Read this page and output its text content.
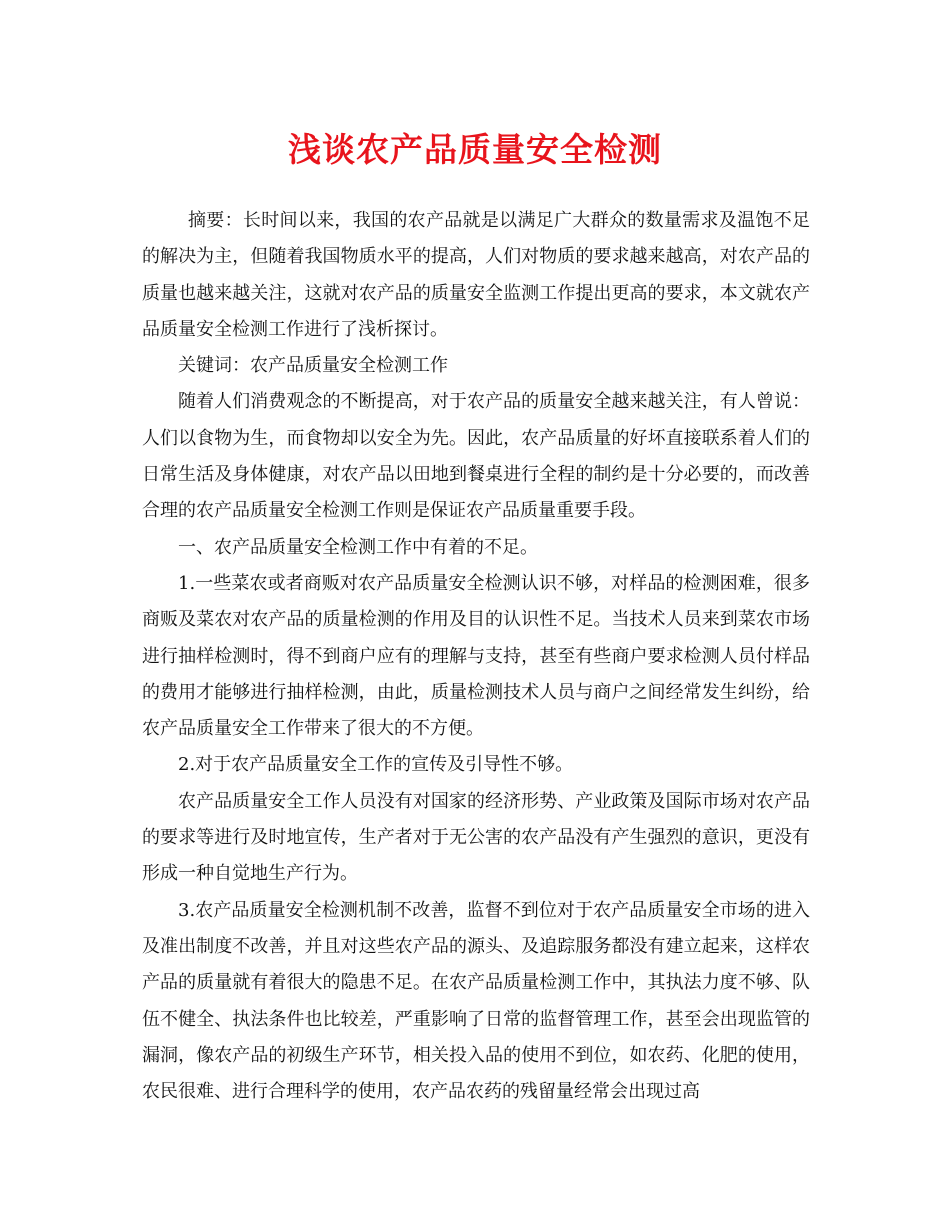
浅谈农产品质量安全检测

摘要：长时间以来，我国的农产品就是以满足广大群众的数量需求及温饱不足的解决为主，但随着我国物质水平的提高，人们对物质的要求越来越高，对农产品的质量也越来越关注，这就对农产品的质量安全监测工作提出更高的要求，本文就农产品质量安全检测工作进行了浅析探讨。

关键词：农产品质量安全检测工作

随着人们消费观念的不断提高，对于农产品的质量安全越来越关注，有人曾说：人们以食物为生，而食物却以安全为先。因此，农产品质量的好坏直接联系着人们的日常生活及身体健康，对农产品以田地到餐桌进行全程的制约是十分必要的，而改善合理的农产品质量安全检测工作则是保证农产品质量重要手段。

一、农产品质量安全检测工作中有着的不足。

1.一些菜农或者商贩对农产品质量安全检测认识不够，对样品的检测困难，很多商贩及菜农对农产品的质量检测的作用及目的认识性不足。当技术人员来到菜农市场进行抽样检测时，得不到商户应有的理解与支持，甚至有些商户要求检测人员付样品的费用才能够进行抽样检测，由此，质量检测技术人员与商户之间经常发生纠纷，给农产品质量安全工作带来了很大的不方便。

2.对于农产品质量安全工作的宣传及引导性不够。

农产品质量安全工作人员没有对国家的经济形势、产业政策及国际市场对农产品的要求等进行及时地宣传，生产者对于无公害的农产品没有产生强烈的意识，更没有形成一种自觉地生产行为。

3.农产品质量安全检测机制不改善，监督不到位对于农产品质量安全市场的进入及准出制度不改善，并且对这些农产品的源头、及追踪服务都没有建立起来，这样农产品的质量就有着很大的隐患不足。在农产品质量检测工作中，其执法力度不够、队伍不健全、执法条件也比较差，严重影响了日常的监督管理工作，甚至会出现监管的漏洞，像农产品的初级生产环节，相关投入品的使用不到位，如农药、化肥的使用，农民很难、进行合理科学的使用，农产品农药的残留量经常会出现过高
